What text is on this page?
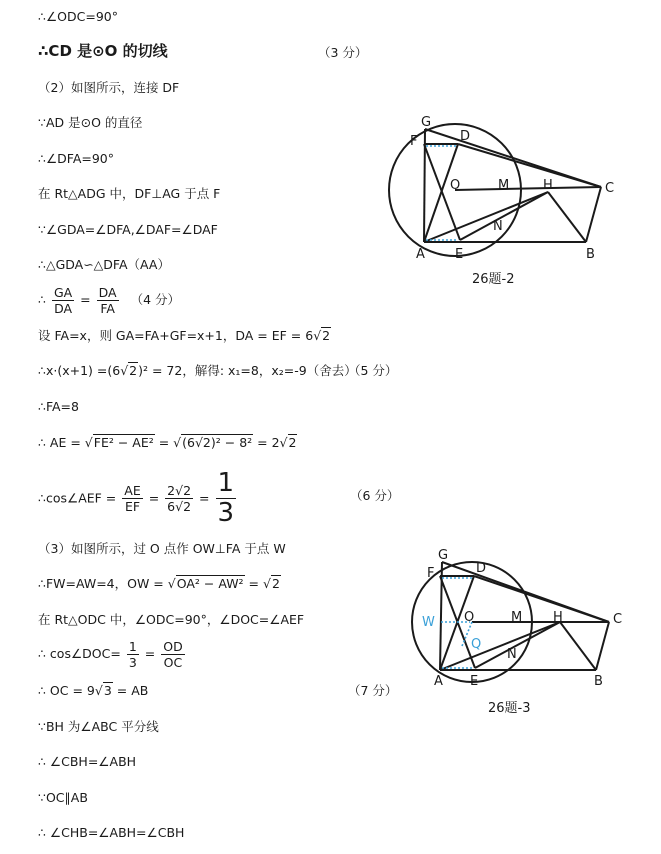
∴∠ODC=90°
∴CD 是⊙O 的切线	（3 分）
（2）如图所示，连接 DF
∵AD 是⊙O 的直径
∴∠DFA=90°
在 Rt△ADG 中，DF⊥AG 于点 F
∵∠GDA=∠DFA,∠DAF=∠DAF
∴△GDA∽△DFA（AA）
∴ $\frac{GA}{DA} = \frac{DA}{FA} (4$ 分）
设 FA=x，则 GA=FA+GF=x+1，DA = EF = 6√2
∴x·(x+1) =(6√2)² = 72，解得: x₁=8，x₂=-9（舍去）
（5 分）
∴FA=8
∴ AE = √FE² − AE² = √(6√2)² − 8² = 2√2
∴cos∠AEF = $\frac{AE}{EF} = \frac{2√2}{6√2} = \frac{1}{3}$	（6 分）
（3）如图所示，过 O 点作 OW⊥FA 于点 W
∴FW=AW=4，OW = √OA² − AW² = √2
在 Rt△ODC 中，∠ODC=90°，∠DOC=∠AEF
∴ cos∠DOC= $\frac{1}{3} = \frac{OD}{OC}$
∴ OC = 9√3 = AB	（7 分）
∵BH 为∠ABC 平分线
∴ ∠CBH=∠ABH
∵OC∥AB
∴ ∠CHB=∠ABH=∠CBH
G
F	D
O	M	H	C
A E
N
B
26题-2
G
F	D
O	M H	C
A E
N
B
W
Q
26题-3
